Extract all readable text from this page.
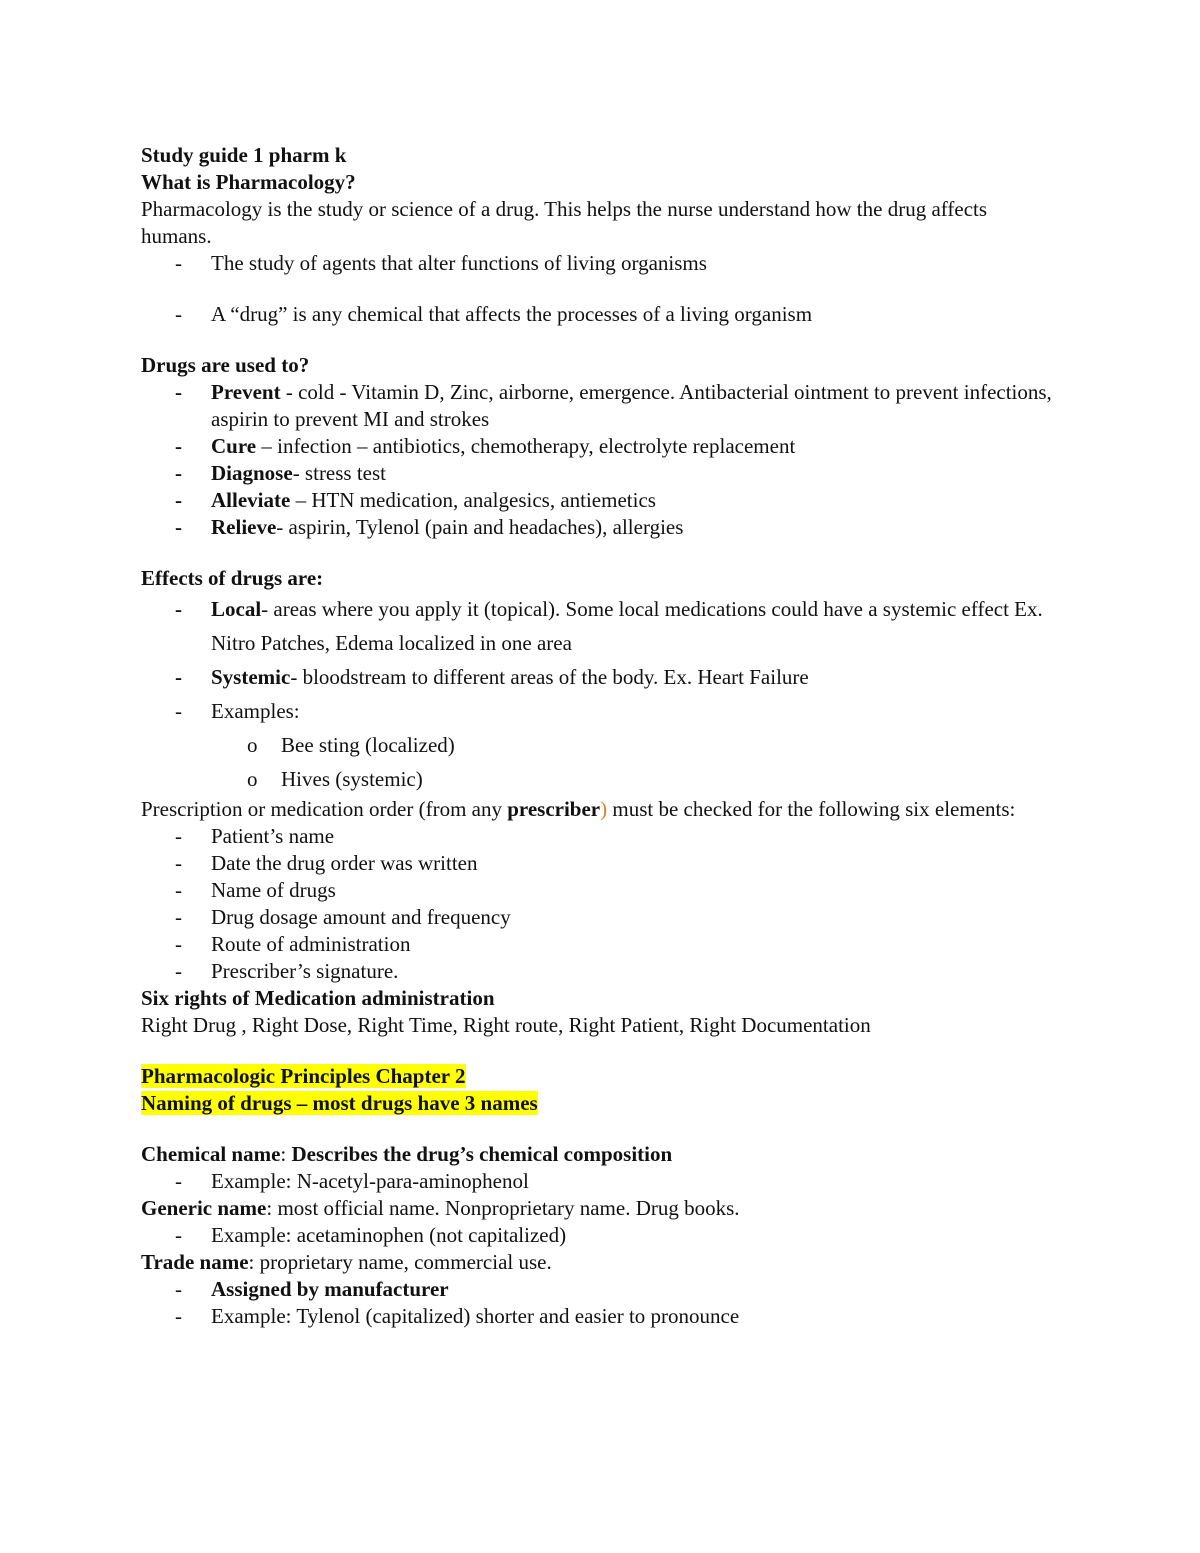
Study guide 1 pharm k
What is Pharmacology?
Pharmacology is the study or science of a drug. This helps the nurse understand how the drug affects humans.
- The study of agents that alter functions of living organisms
- A “drug” is any chemical that affects the processes of a living organism
Drugs are used to?
- Prevent - cold - Vitamin D, Zinc, airborne, emergence. Antibacterial ointment to prevent infections, aspirin to prevent MI and strokes
- Cure – infection – antibiotics, chemotherapy, electrolyte replacement
- Diagnose- stress test
- Alleviate – HTN medication, analgesics, antiemetics
- Relieve- aspirin, Tylenol (pain and headaches), allergies
Effects of drugs are:
- Local- areas where you apply it (topical). Some local medications could have a systemic effect Ex. Nitro Patches, Edema localized in one area
- Systemic- bloodstream to different areas of the body. Ex. Heart Failure
- Examples:
o Bee sting (localized)
o Hives (systemic)
Prescription or medication order (from any prescriber) must be checked for the following six elements:
- Patient’s name
- Date the drug order was written
- Name of drugs
- Drug dosage amount and frequency
- Route of administration
- Prescriber’s signature.
Six rights of Medication administration
Right Drug , Right Dose, Right Time, Right route, Right Patient, Right Documentation
Pharmacologic Principles Chapter 2
Naming of drugs – most drugs have 3 names
Chemical name: Describes the drug’s chemical composition
- Example: N-acetyl-para-aminophenol
Generic name: most official name. Nonproprietary name. Drug books.
- Example: acetaminophen (not capitalized)
Trade name: proprietary name, commercial use.
- Assigned by manufacturer
- Example: Tylenol (capitalized) shorter and easier to pronounce
